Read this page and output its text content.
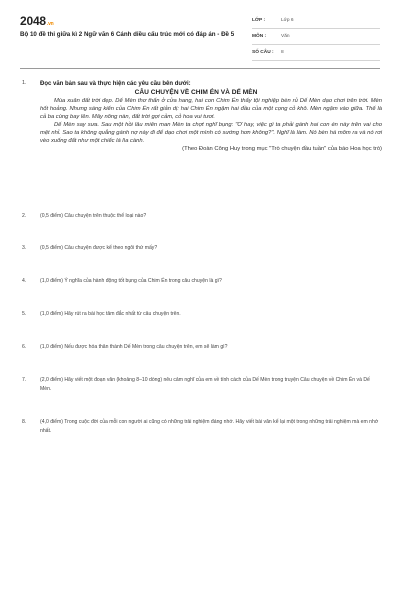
2048.vn
Bộ 10 đề thi giữa kì 2 Ngữ văn 6 Cánh diều cấu trúc mới có đáp án - Đề 5
LỚP :	Lớp 6
MÔN :	Văn
SỐ CÂU :	8
1. Đọc văn bản sau và thực hiện các yêu cầu bên dưới:
CÂU CHUYỆN VỀ CHIM ÉN VÀ DẾ MÈN

Mùa xuân đất trời đẹp. Dế Mèn thơ thẩn ở cửa hang, hai con Chim Én thấy tội nghiệp bèn rủ Dế Mèn dạo chơi trên trời. Mèn hốt hoảng. Nhưng sáng kiến của Chim Én rất giản dị: hai Chim Én ngậm hai đầu của một cọng cỏ khô. Mèn ngậm vào giữa. Thế là cả ba cùng bay lên. Mây nõng nàn, đất trời gợi cảm, cỏ hoa vui tươi.

Dế Mèn say sưa. Sau một hồi lâu miên man Mèn ta chợt nghĩ bụng: "Ơ hay, việc gì ta phải gánh hai con én này trên vai cho mệt nhỉ. Sao ta không quẳng gánh nợ này đi để dạo chơi một mình có sướng hơn không?". Nghĩ là làm. Nó bèn há mõm ra và nó rơi vèo xuống đất như một chiếc lá lìa cành.

(Theo Đoàn Công Huy trong mục "Trò chuyện đầu tuần" của báo Hoa học trò)
2.	(0,5 điểm) Câu chuyện trên thuộc thể loại nào?
3.	(0,5 điểm) Câu chuyện được kể theo ngôi thứ mấy?
4.	(1,0 điểm) Ý nghĩa của hành động tốt bụng của Chim Én trong câu chuyện là gì?
5.	(1,0 điểm) Hãy rút ra bài học tâm đắc nhất từ câu chuyện trên.
6.	(1,0 điểm) Nếu được hóa thân thành Dế Mèn trong câu chuyện trên, em sẽ làm gì?
7.	(2,0 điểm) Hãy viết một đoạn văn (khoảng 8–10 dòng) nêu cảm nghĩ của em về tính cách của Dế Mèn trong truyện Câu chuyện về Chim Én và Dế Mèn.
8.	(4,0 điểm) Trong cuộc đời của mỗi con người ai cũng có những trải nghiệm đáng nhớ. Hãy viết bài văn kể lại một trong những trải nghiệm mà em nhớ nhất.
